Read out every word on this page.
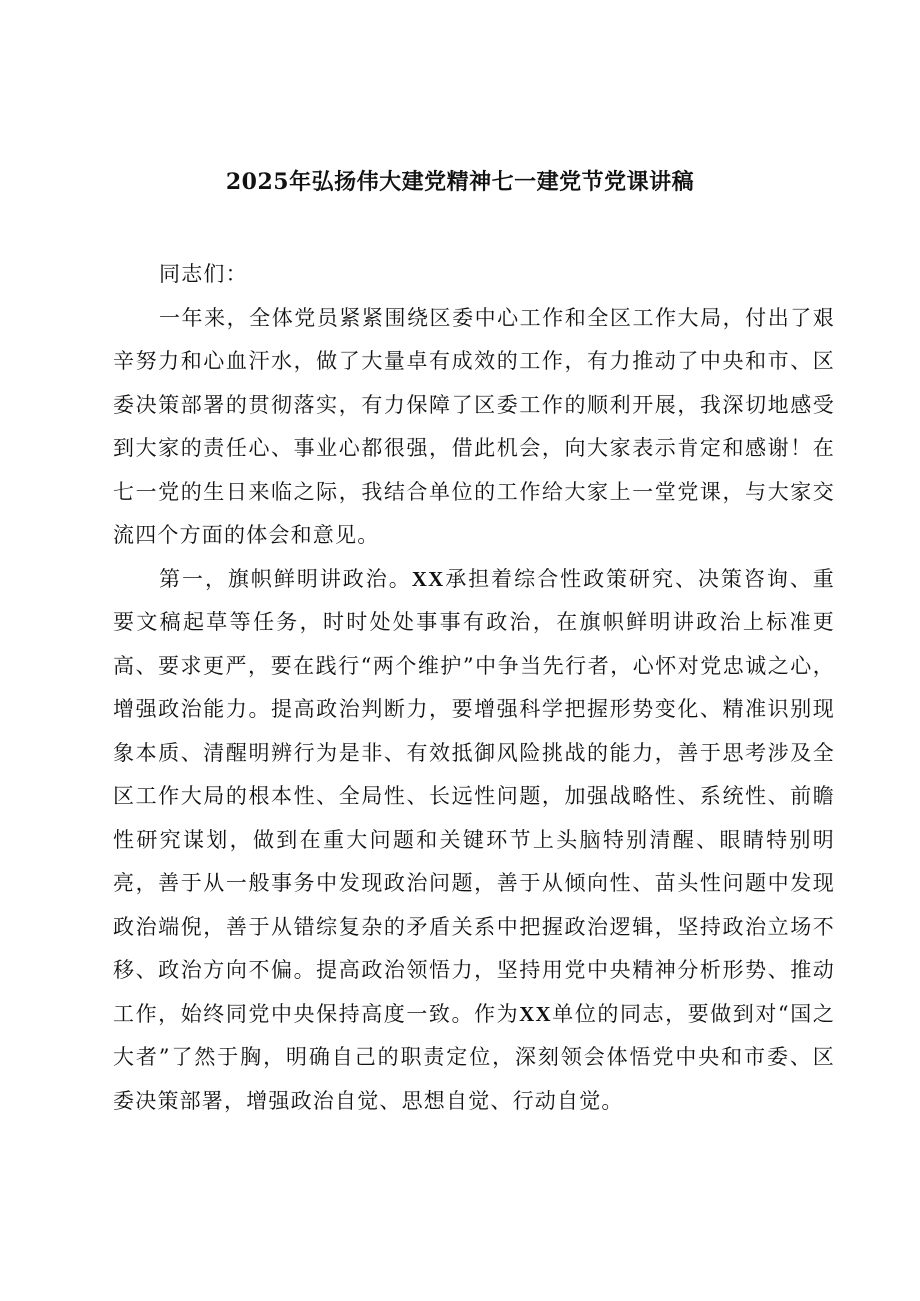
2025年弘扬伟大建党精神七一建党节党课讲稿

同志们：

一年来，全体党员紧紧围绕区委中心工作和全区工作大局，付出了艰辛努力和心血汗水，做了大量卓有成效的工作，有力推动了中央和市、区委决策部署的贯彻落实，有力保障了区委工作的顺利开展，我深切地感受到大家的责任心、事业心都很强，借此机会，向大家表示肯定和感谢！在七一党的生日来临之际，我结合单位的工作给大家上一堂党课，与大家交流四个方面的体会和意见。

第一，旗帜鲜明讲政治。XX承担着综合性政策研究、决策咨询、重要文稿起草等任务，时时处处事事有政治，在旗帜鲜明讲政治上标准更高、要求更严，要在践行“两个维护”中争当先行者，心怀对党忠诚之心，增强政治能力。提高政治判断力，要增强科学把握形势变化、精准识别现象本质、清醒明辨行为是非、有效抵御风险挑战的能力，善于思考涉及全区工作大局的根本性、全局性、长远性问题，加强战略性、系统性、前瞻性研究谋划，做到在重大问题和关键环节上头脑特别清醒、眼睛特别明亮，善于从一般事务中发现政治问题，善于从倾向性、苗头性问题中发现政治端倪，善于从错综复杂的矛盾关系中把握政治逻辑，坚持政治立场不移、政治方向不偏。提高政治领悟力，坚持用党中央精神分析形势、推动工作，始终同党中央保持高度一致。作为XX单位的同志，要做到对“国之大者”了然于胸，明确自己的职责定位，深刻领会体悟党中央和市委、区委决策部署，增强政治自觉、思想自觉、行动自觉。
